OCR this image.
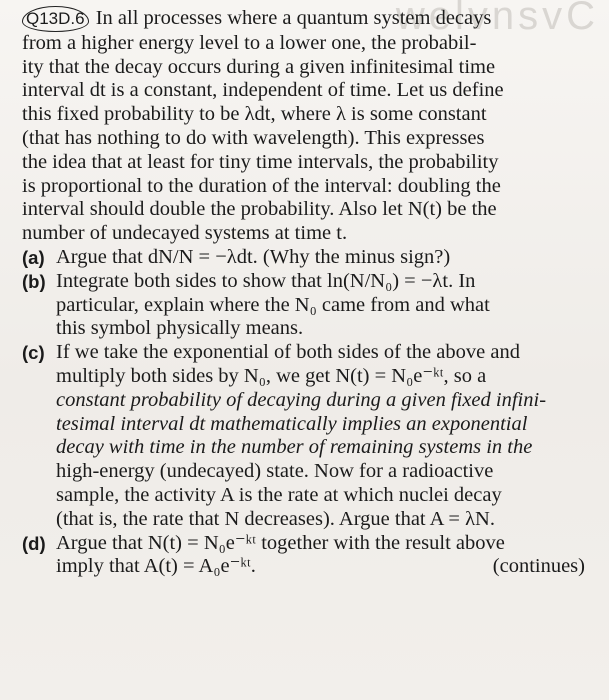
welvnsvC
Q13D.6 In all processes where a quantum system decays
from a higher energy level to a lower one, the probabil-
ity that the decay occurs during a given infinitesimal time
interval dt is a constant, independent of time. Let us define
this fixed probability to be λdt, where λ is some constant
(that has nothing to do with wavelength). This expresses
the idea that at least for tiny time intervals, the probability
is proportional to the duration of the interval: doubling the
interval should double the probability. Also let N(t) be the
number of undecayed systems at time t.
(a) Argue that dN/N = −λdt. (Why the minus sign?)
(b) Integrate both sides to show that ln(N/N₀) = −λt. In
particular, explain where the N₀ came from and what
this symbol physically means.
(c) If we take the exponential of both sides of the above and
multiply both sides by N₀, we get N(t) = N₀e⁻ᵏᵗ, so a
constant probability of decaying during a given fixed infini-
tesimal interval dt mathematically implies an exponential
decay with time in the number of remaining systems in the
high-energy (undecayed) state. Now for a radioactive
sample, the activity A is the rate at which nuclei decay
(that is, the rate that N decreases). Argue that A = λN.
(d) Argue that N(t) = N₀e⁻ᵏᵗ together with the result above
imply that A(t) = A₀e⁻ᵏᵗ.	(continues)
